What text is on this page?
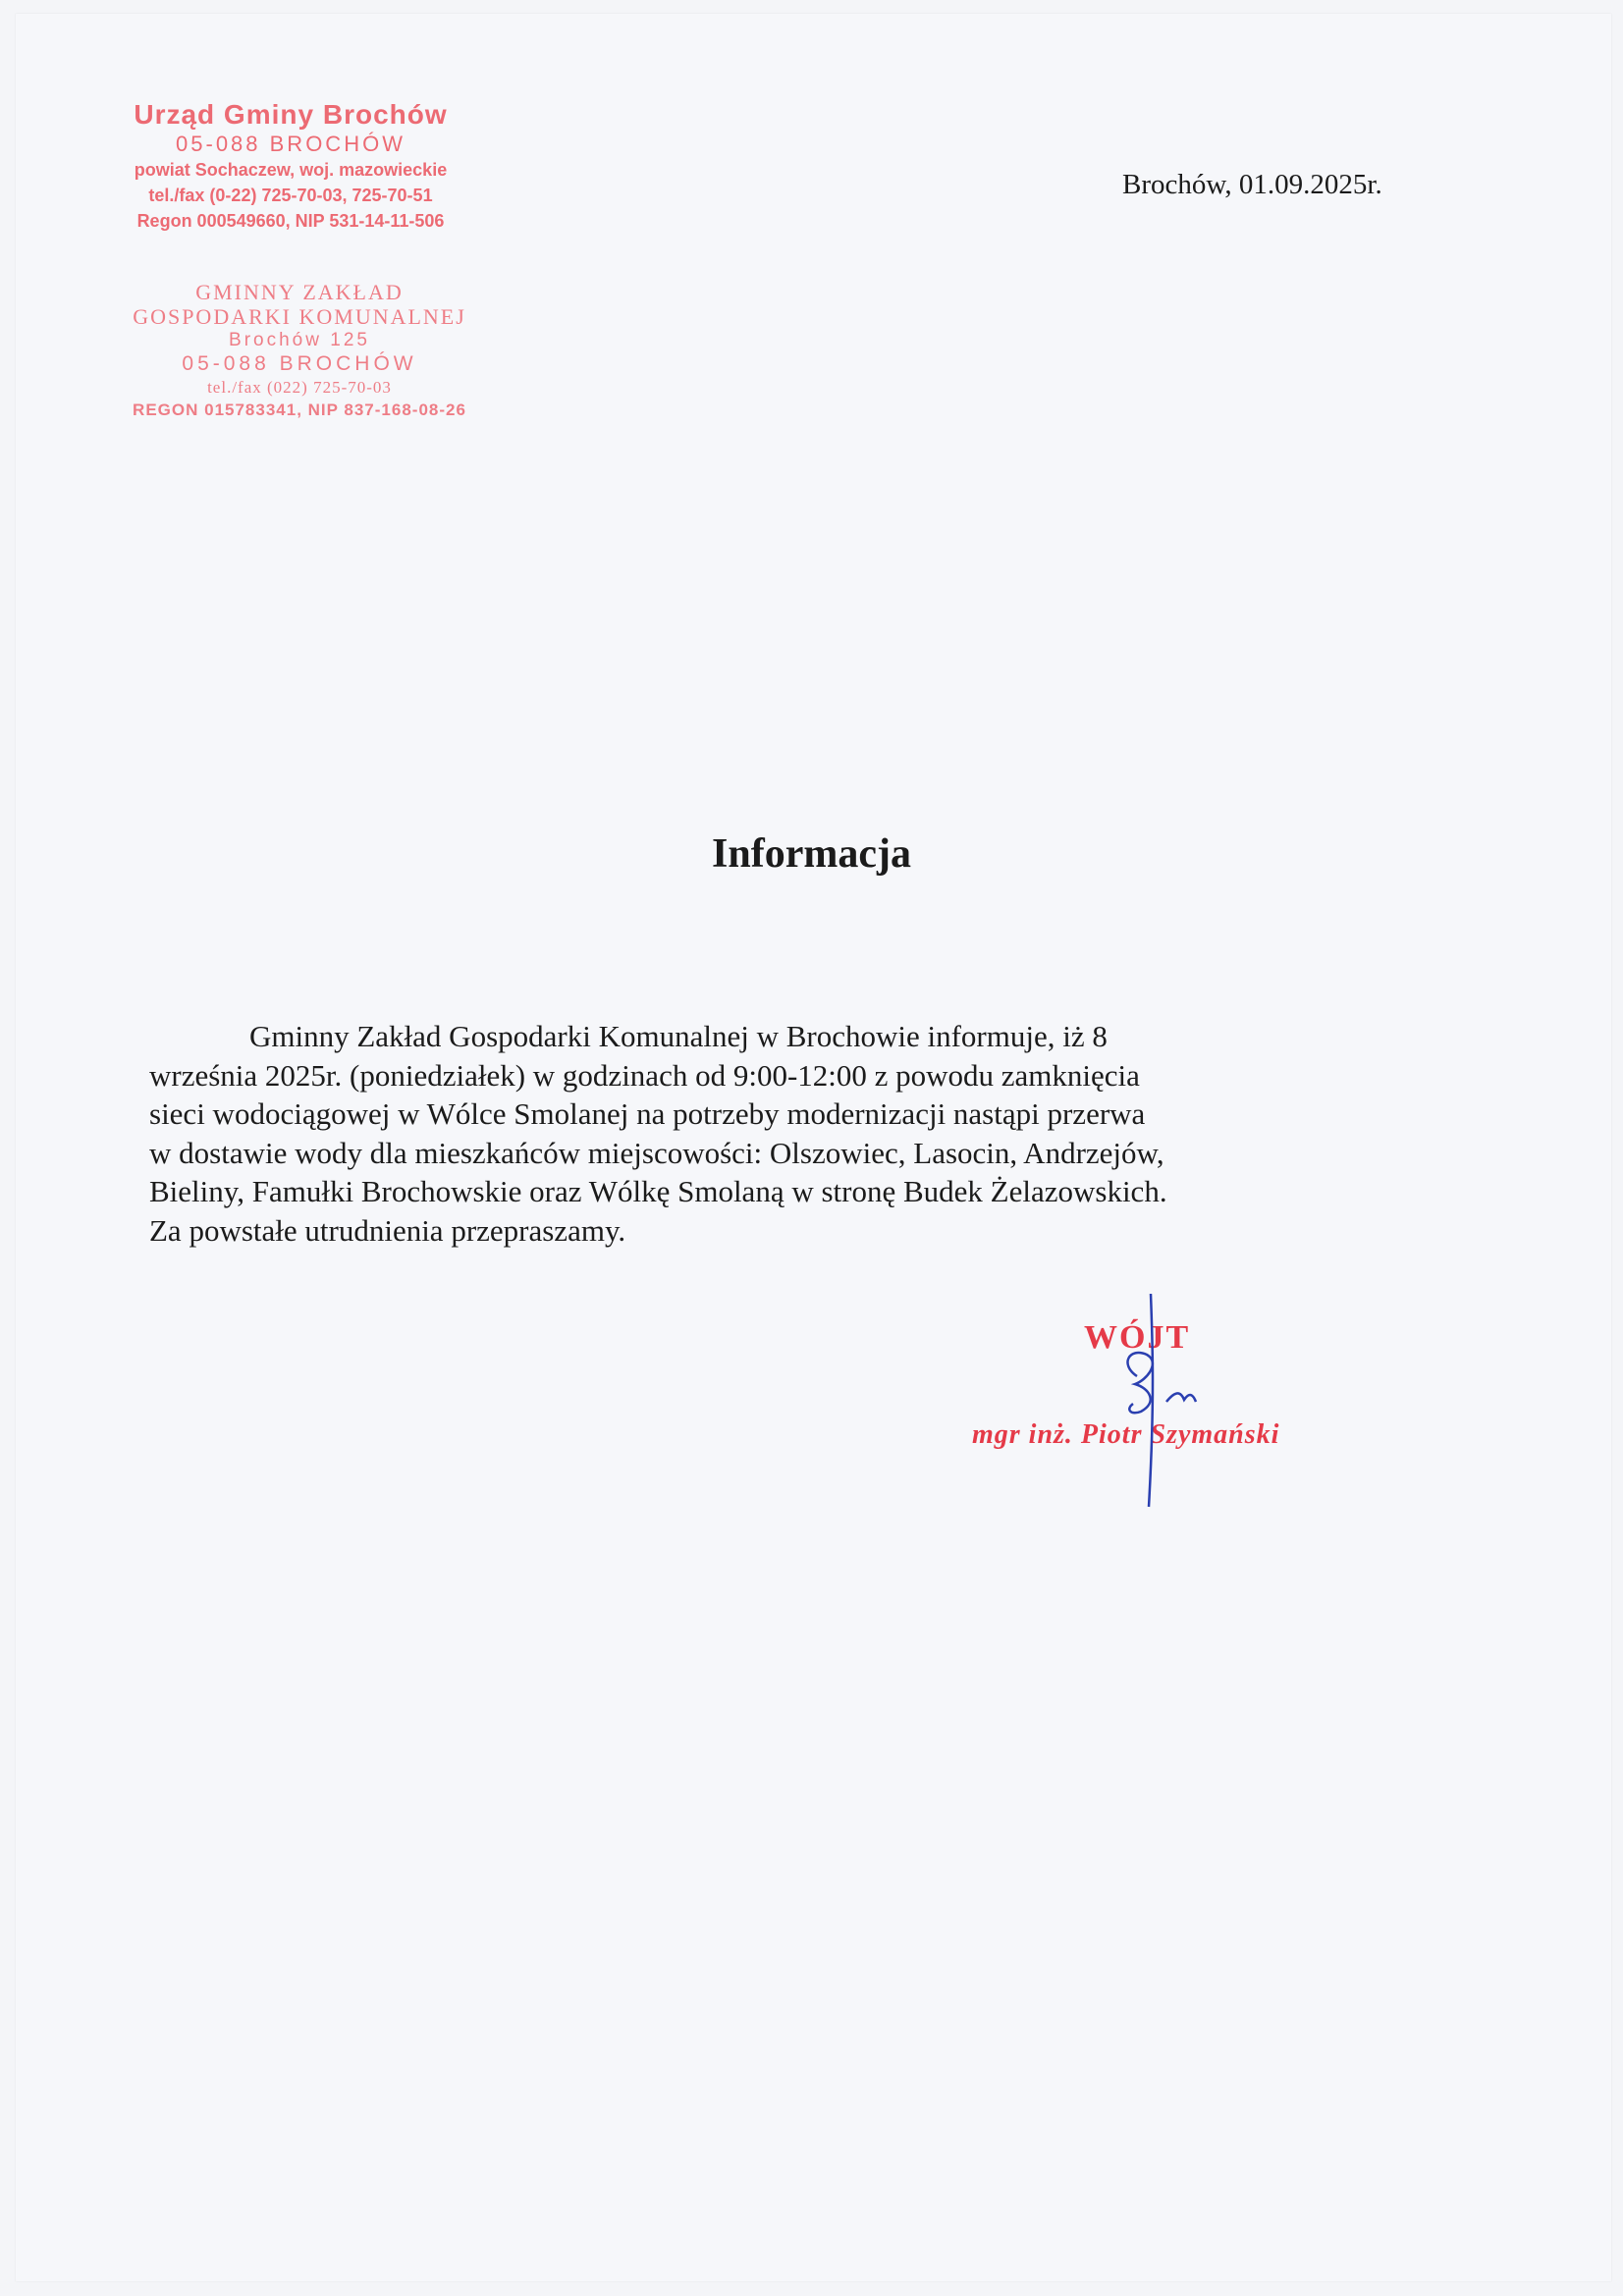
Urząd Gminy Brochów
05-088 BROCHÓW
powiat Sochaczew, woj. mazowieckie
tel./fax (0-22) 725-70-03, 725-70-51
Regon 000549660, NIP 531-14-11-506
GMINNY ZAKŁAD
GOSPODARKI KOMUNALNEJ
Brochów 125
05-088 BROCHÓW
tel./fax (022) 725-70-03
REGON 015783341, NIP 837-168-08-26
Brochów, 01.09.2025r.
Informacja
Gminny Zakład Gospodarki Komunalnej w Brochowie informuje, iż 8
września 2025r. (poniedziałek) w godzinach od 9:00-12:00 z powodu zamknięcia
sieci wodociągowej w Wólce Smolanej na potrzeby modernizacji nastąpi przerwa
w dostawie wody dla mieszkańców miejscowości: Olszowiec, Lasocin, Andrzejów,
Bieliny, Famułki Brochowskie oraz Wólkę Smolaną w stronę Budek Żelazowskich.
Za powstałe utrudnienia przepraszamy.
WÓJT
mgr inż. Piotr Szymański
